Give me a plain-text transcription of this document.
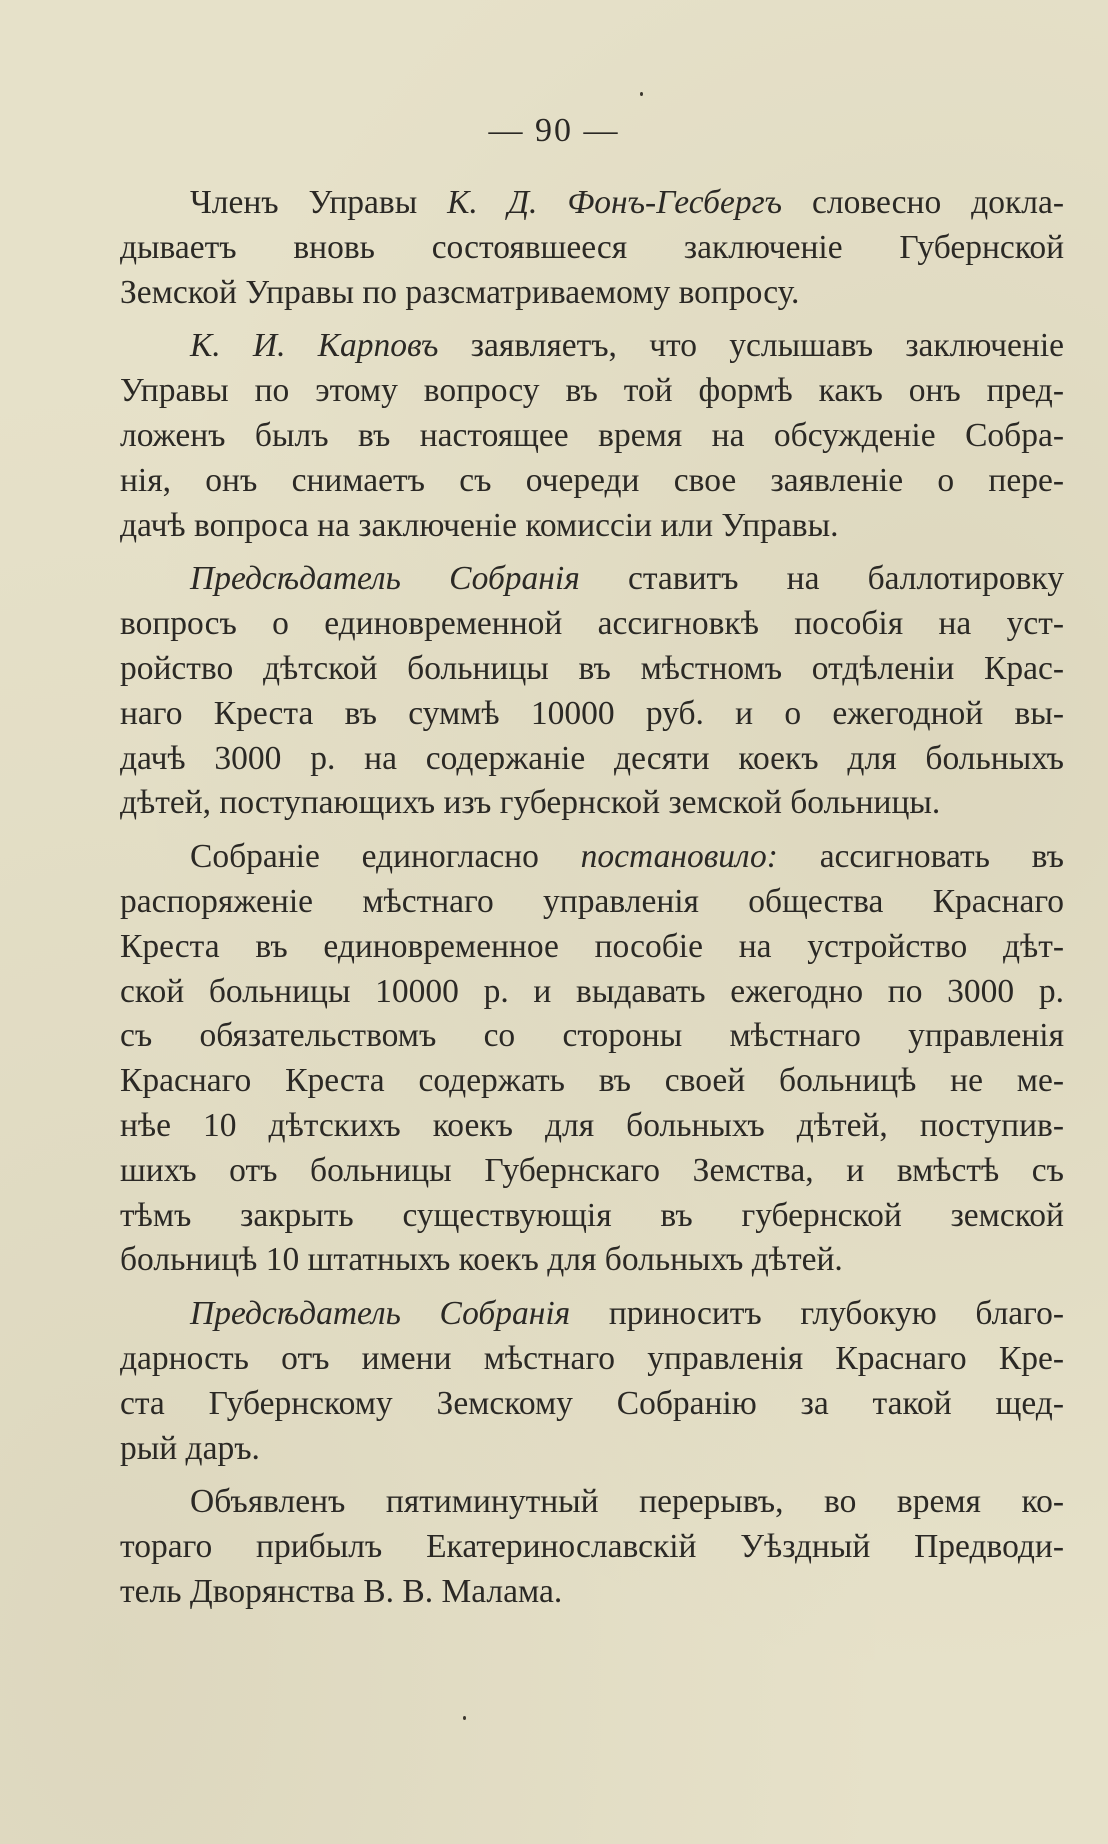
— 90 —
Членъ Управы К. Д. Фонъ-Гесбергъ словесно докла-
дываетъ вновь состоявшееся заключеніе Губернской
Земской Управы по разсматриваемому вопросу.
К. И. Карповъ заявляетъ, что услышавъ заключеніе
Управы по этому вопросу въ той формѣ какъ онъ пред-
ложенъ былъ въ настоящее время на обсужденіе Собра-
нія, онъ снимаетъ съ очереди свое заявленіе о пере-
дачѣ вопроса на заключеніе комиссіи или Управы.
Предсѣдатель Собранія ставитъ на баллотировку
вопросъ о единовременной ассигновкѣ пособія на уст-
ройство дѣтской больницы въ мѣстномъ отдѣленіи Крас-
наго Креста въ суммѣ 10000 руб. и о ежегодной вы-
дачѣ 3000 р. на содержаніе десяти коекъ для больныхъ
дѣтей, поступающихъ изъ губернской земской больницы.
Собраніе единогласно постановило: ассигновать въ
распоряженіе мѣстнаго управленія общества Краснаго
Креста въ единовременное пособіе на устройство дѣт-
ской больницы 10000 р. и выдавать ежегодно по 3000 р.
съ обязательствомъ со стороны мѣстнаго управленія
Краснаго Креста содержать въ своей больницѣ не ме-
нѣе 10 дѣтскихъ коекъ для больныхъ дѣтей, поступив-
шихъ отъ больницы Губернскаго Земства, и вмѣстѣ съ
тѣмъ закрыть существующія въ губернской земской
больницѣ 10 штатныхъ коекъ для больныхъ дѣтей.
Предсѣдатель Собранія приноситъ глубокую благо-
дарность отъ имени мѣстнаго управленія Краснаго Кре-
ста Губернскому Земскому Собранію за такой щед-
рый даръ.
Объявленъ пятиминутный перерывъ, во время ко-
тораго прибылъ Екатеринославскій Уѣздный Предводи-
тель Дворянства В. В. Малама.
